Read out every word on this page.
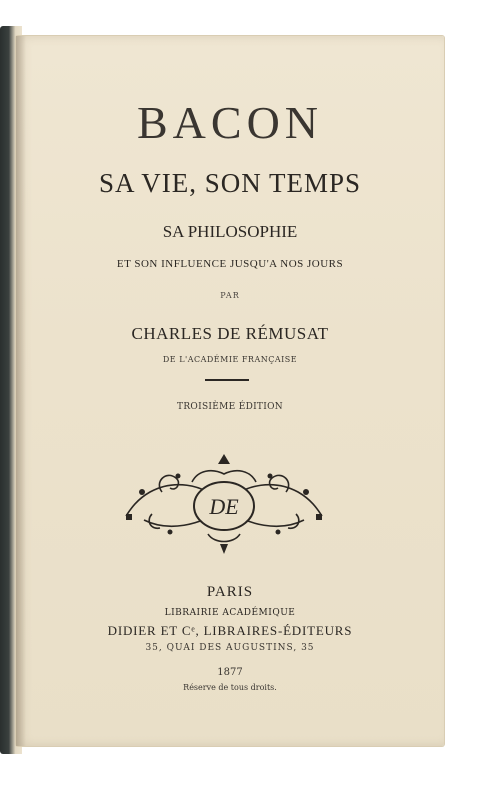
BACON
SA VIE, SON TEMPS
SA PHILOSOPHIE
ET SON INFLUENCE JUSQU'A NOS JOURS
PAR
CHARLES DE RÉMUSAT
DE L'ACADÉMIE FRANÇAISE
TROISIÈME ÉDITION
DE
PARIS
LIBRAIRIE ACADÉMIQUE
DIDIER ET Cᵉ, LIBRAIRES-ÉDITEURS
35, QUAI DES AUGUSTINS, 35
1877
Réserve de tous droits.
